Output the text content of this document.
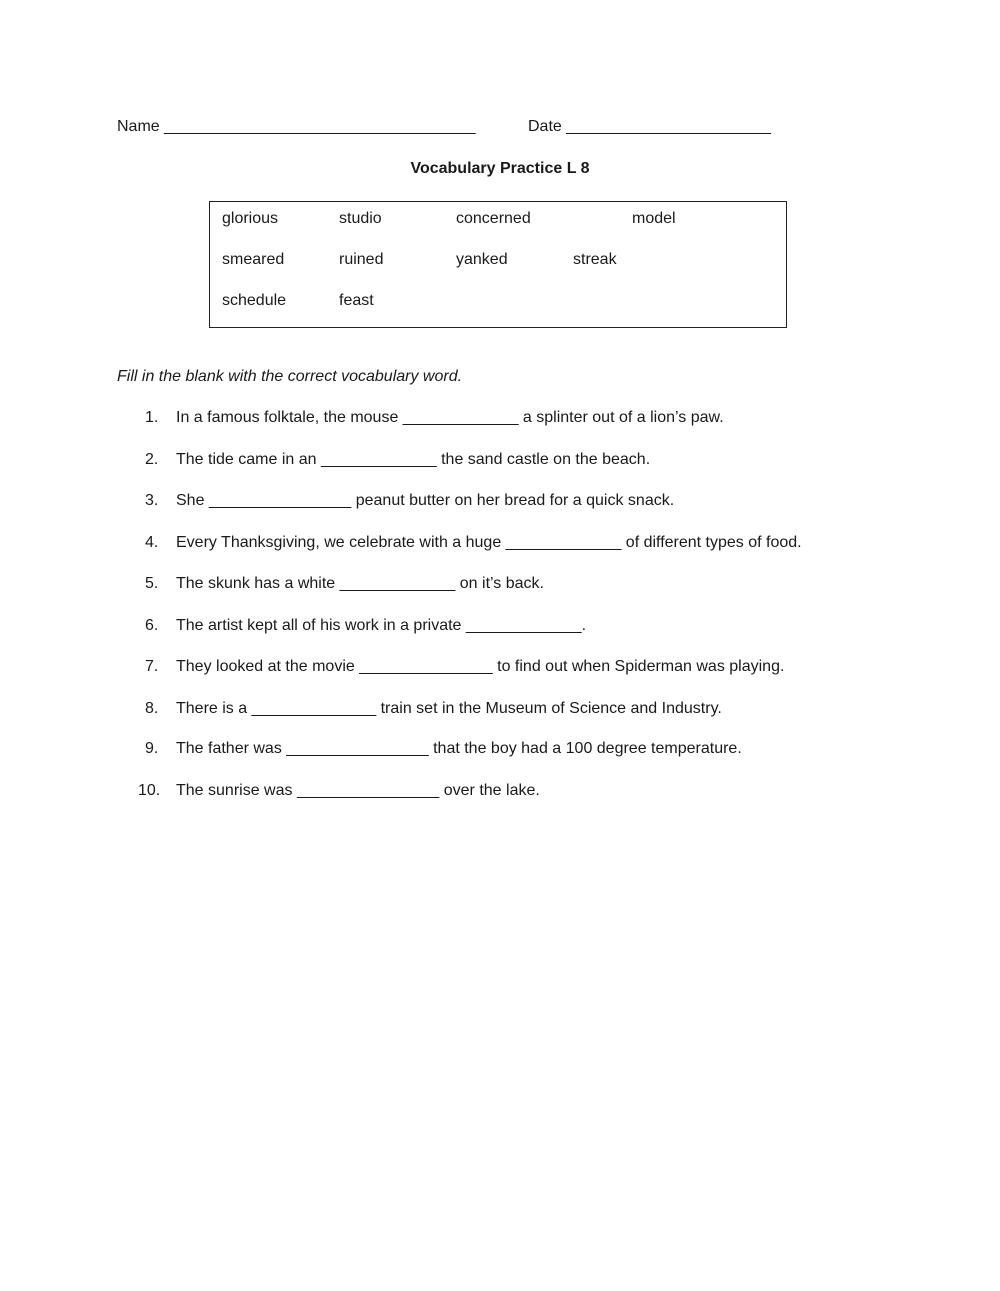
Name ___________________________________	Date _______________________
Vocabulary Practice L 8
glorious	studio	concerned	model
smeared	ruined	yanked	streak
schedule	feast
Fill in the blank with the correct vocabulary word.
1. In a famous folktale, the mouse _____________ a splinter out of a lion’s paw.
2. The tide came in an _____________ the sand castle on the beach.
3. She ________________ peanut butter on her bread for a quick snack.
4. Every Thanksgiving, we celebrate with a huge _____________ of different types of food.
5. The skunk has a white _____________ on it’s back.
6. The artist kept all of his work in a private _____________.
7. They looked at the movie _______________ to find out when Spiderman was playing.
8. There is a ______________ train set in the Museum of Science and Industry.
9. The father was ________________ that the boy had a 100 degree temperature.
10. The sunrise was ________________ over the lake.
